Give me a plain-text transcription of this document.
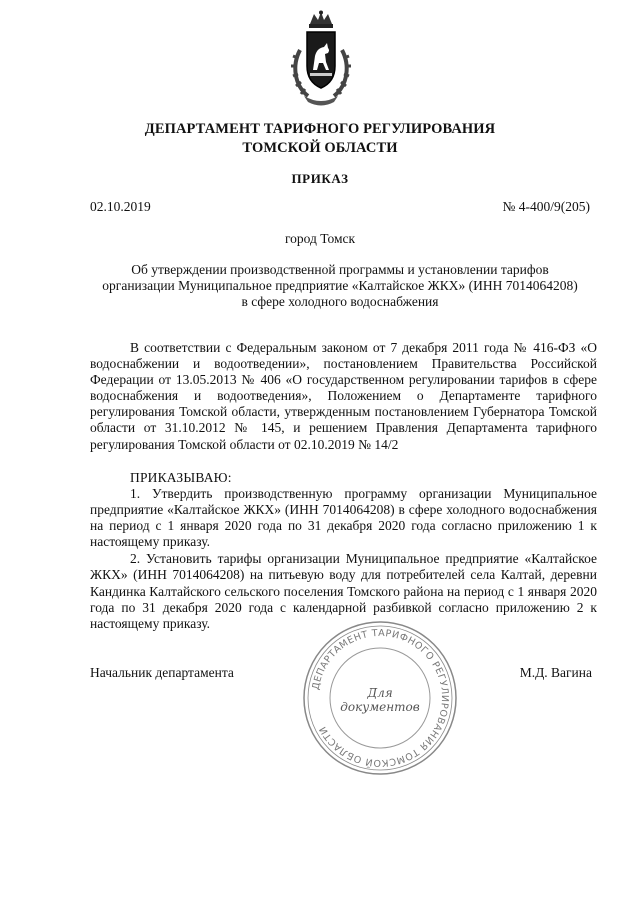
ДЕПАРТАМЕНТ ТАРИФНОГО РЕГУЛИРОВАНИЯ
ТОМСКОЙ ОБЛАСТИ
ПРИКАЗ
02.10.2019	№ 4-400/9(205)
город Томск
Об утверждении производственной программы и установлении тарифов
организации Муниципальное предприятие «Калтайское ЖКХ» (ИНН 7014064208)
в сфере холодного водоснабжения

В соответствии с Федеральным законом от 7 декабря 2011 года № 416-ФЗ «О водоснабжении и водоотведении», постановлением Правительства Российской Федерации от 13.05.2013 № 406 «О государственном регулировании тарифов в сфере водоснабжения и водоотведения», Положением о Департаменте тарифного регулирования Томской области, утвержденным постановлением Губернатора Томской области от 31.10.2012 № 145, и решением Правления Департамента тарифного регулирования Томской области от 02.10.2019 № 14/2

ПРИКАЗЫВАЮ:

1. Утвердить производственную программу организации Муниципальное предприятие «Калтайское ЖКХ» (ИНН 7014064208) в сфере холодного водоснабжения на период с 1 января 2020 года по 31 декабря 2020 года согласно приложению 1 к настоящему приказу.

2. Установить тарифы организации Муниципальное предприятие «Калтайское ЖКХ» (ИНН 7014064208) на питьевую воду для потребителей села Калтай, деревни Кандинка Калтайского сельского поселения Томского района на период с 1 января 2020 года по 31 декабря 2020 года с календарной разбивкой согласно приложению 2 к настоящему приказу.

Начальник департамента	М.Д. Вагина
ДЕПАРТАМЕНТ ТАРИФНОГО РЕГУЛИРОВАНИЯ ТОМСКОЙ ОБЛАСТИ
Для
документов
